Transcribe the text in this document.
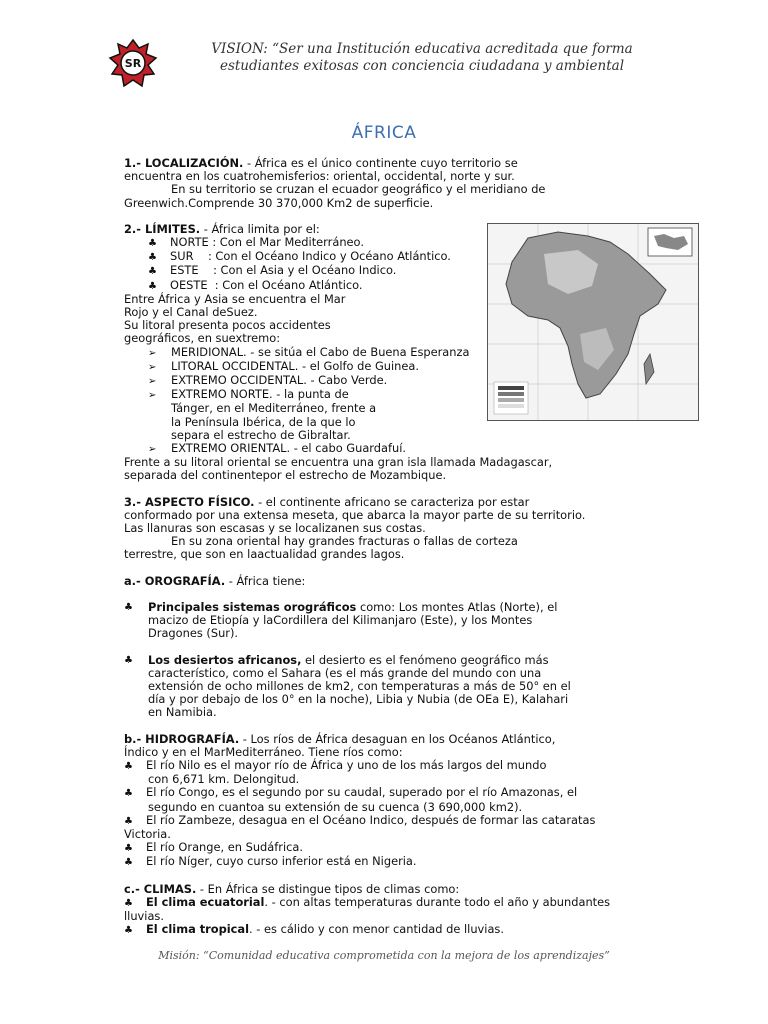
SR
VISION: “Ser una Institución educativa acreditada que forma
estudiantes exitosas con conciencia ciudadana y ambiental
ÁFRICA
1.- LOCALIZACIÓN. - África es el único continente cuyo territorio se
encuentra en los cuatrohemisferios: oriental, occidental, norte y sur.
En su territorio se cruzan el ecuador geográfico y el meridiano de
Greenwich.Comprende 30 370,000 Km2 de superficie.
2.- LÍMITES. - África limita por el:
♣ NORTE : Con el Mar Mediterráneo.
♣ SUR    : Con el Océano Indico y Océano Atlántico.
♣ ESTE    : Con el Asia y el Océano Indico.
♣ OESTE  : Con el Océano Atlántico.
Entre África y Asia se encuentra el Mar
Rojo y el Canal deSuez.
Su litoral presenta pocos accidentes
geográficos, en suextremo:
➢ MERIDIONAL. - se sitúa el Cabo de Buena Esperanza
➢ LITORAL OCCIDENTAL. - el Golfo de Guinea.
➢ EXTREMO OCCIDENTAL. - Cabo Verde.
➢ EXTREMO NORTE. - la punta de
Tánger, en el Mediterráneo, frente a
la Península Ibérica, de la que lo
separa el estrecho de Gibraltar.
➢ EXTREMO ORIENTAL. - el cabo Guardafuí.
Frente a su litoral oriental se encuentra una gran isla llamada Madagascar,
separada del continentepor el estrecho de Mozambique.
3.- ASPECTO FÍSICO. - el continente africano se caracteriza por estar
conformado por una extensa meseta, que abarca la mayor parte de su territorio.
Las llanuras son escasas y se localizanen sus costas.
En su zona oriental hay grandes fracturas o fallas de corteza
terrestre, que son en laactualidad grandes lagos.
a.- OROGRAFÍA. - África tiene:
♣	Principales sistemas orográficos como: Los montes Atlas (Norte), el
macizo de Etiopía y laCordillera del Kilimanjaro (Este), y los Montes
Dragones (Sur).
♣	Los desiertos africanos, el desierto es el fenómeno geográfico más
característico, como el Sahara (es el más grande del mundo con una
extensión de ocho millones de km2, con temperaturas a más de 50° en el
día y por debajo de los 0° en la noche), Libia y Nubia (de OEa E), Kalahari
en Namibia.
b.- HIDROGRAFÍA. - Los ríos de África desaguan en los Océanos Atlántico,
Índico y en el MarMediterráneo. Tiene ríos como:
♣ El río Nilo es el mayor río de África y uno de los más largos del mundo
con 6,671 km. Delongitud.
♣ El río Congo, es el segundo por su caudal, superado por el río Amazonas, el
segundo en cuantoa su extensión de su cuenca (3 690,000 km2).
♣ El río Zambeze, desagua en el Océano Indico, después de formar las cataratas
Victoria.
♣ El río Orange, en Sudáfrica.
♣ El río Níger, cuyo curso inferior está en Nigeria.
c.- CLIMAS. - En África se distingue tipos de climas como:
♣ El clima ecuatorial. - con altas temperaturas durante todo el año y abundantes
lluvias.
♣ El clima tropical. - es cálido y con menor cantidad de lluvias.
Misión: “Comunidad educativa comprometida con la mejora de los aprendizajes”
